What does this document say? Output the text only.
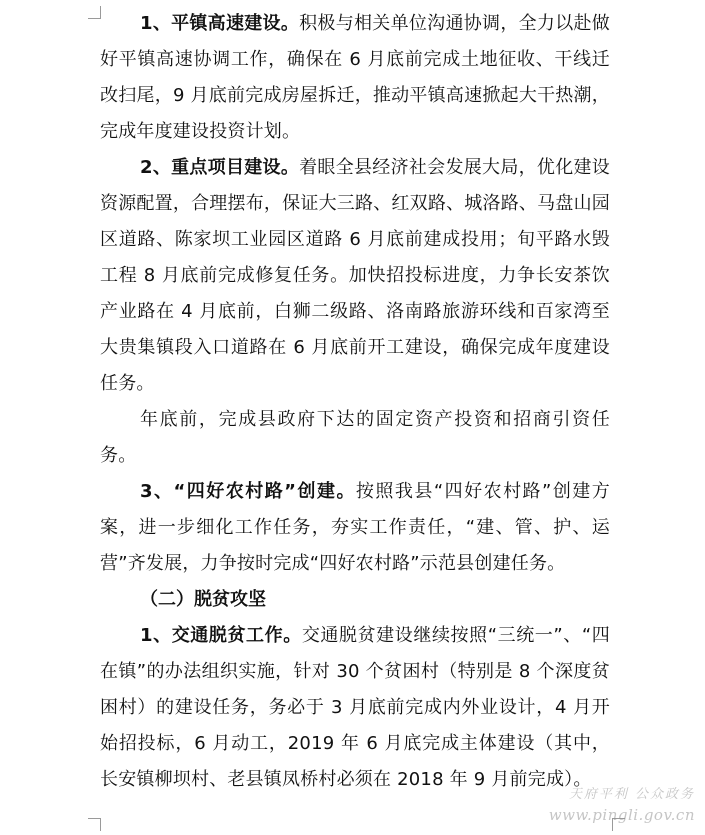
1、平镇高速建设。积极与相关单位沟通协调，全力以赴做好平镇高速协调工作，确保在 6 月底前完成土地征收、干线迁改扫尾，9 月底前完成房屋拆迁，推动平镇高速掀起大干热潮，完成年度建设投资计划。

2、重点项目建设。着眼全县经济社会发展大局，优化建设资源配置，合理摆布，保证大三路、红双路、城洛路、马盘山园区道路、陈家坝工业园区道路 6 月底前建成投用；旬平路水毁工程 8 月底前完成修复任务。加快招投标进度，力争长安茶饮产业路在 4 月底前，白狮二级路、洛南路旅游环线和百家湾至大贵集镇段入口道路在 6 月底前开工建设，确保完成年度建设任务。

年底前，完成县政府下达的固定资产投资和招商引资任务。

3、“四好农村路”创建。按照我县“四好农村路”创建方案，进一步细化工作任务，夯实工作责任，“建、管、护、运营”齐发展，力争按时完成“四好农村路”示范县创建任务。

（二）脱贫攻坚

1、交通脱贫工作。交通脱贫建设继续按照“三统一”、“四在镇”的办法组织实施，针对 30 个贫困村（特别是 8 个深度贫困村）的建设任务，务必于 3 月底前完成内外业设计，4 月开始招投标，6 月动工，2019 年 6 月底完成主体建设（其中，长安镇柳坝村、老县镇凤桥村必须在 2018 年 9 月前完成）。

天府平利 公众政务
www.pingli.gov.cn
